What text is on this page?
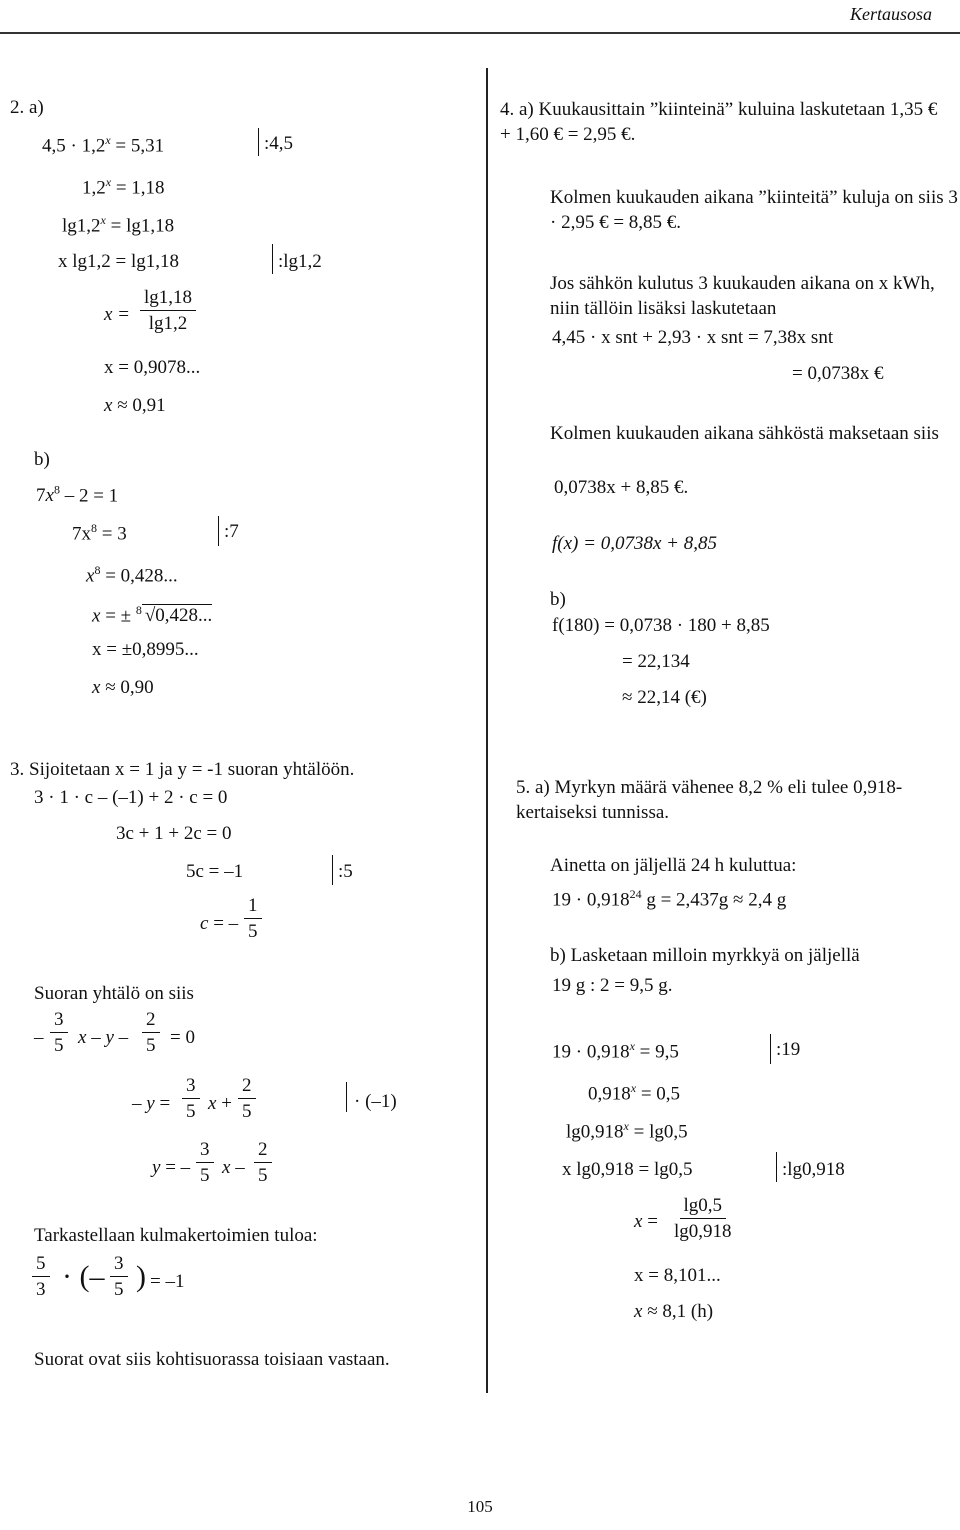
Kertausosa
2. a)
$4,5 \cdot 1,2^x = 5,31$	:4,5
$1,2^x = 1,18$
$\lg 1,2^x = \lg 1,18$
x lg1,2 = lg1,18	:lg1,2
x =
lg1,18
lg1,2
x = 0,9078...
x ≈ 0,91
b)
$7x^8 - 2 = 1$
$7x^8 = 3$	:7
$x^8 = 0,428$...
x = ± $^8$ √0,428...
x = ±0,8995...
x ≈ 0,90
3. Sijoitetaan x = 1 ja y = -1 suoran yhtälöön.
3 · 1 · c – (–1) + 2 · c = 0
3c + 1 + 2c = 0
5c = –1	:5
c = –
1
5
Suoran yhtälö on siis
–
3
5 x – y –
2
5 = 0
– y =
3
5 x +
2
5	· (–1)
y = –
3
5 x –
2
5
Tarkastellaan kulmakertoimien tuloa:
5
3 · (– 3
5 ) = –1
Suorat ovat siis kohtisuorassa toisiaan vastaan.
4. a) Kuukausittain ”kiinteinä” kuluina laskutetaan 1,35 € + 1,60 € = 2,95 €.
Kolmen kuukauden aikana ”kiinteitä” kuluja on siis 3 · 2,95 € = 8,85 €.
Jos sähkön kulutus 3 kuukauden aikana on x kWh, niin tällöin lisäksi laskutetaan
4,45 · x snt + 2,93 · x snt = 7,38x snt
= 0,0738x €
Kolmen kuukauden aikana sähköstä maksetaan siis
0,0738x + 8,85 €.
f(x) = 0,0738x + 8,85
b)
f(180) = 0,0738 · 180 + 8,85
= 22,134
≈ 22,14 (€)
5. a) Myrkyn määrä vähenee 8,2 % eli tulee 0,918-kertaiseksi tunnissa.
Ainetta on jäljellä 24 h kuluttua:
$19 \cdot 0,918^{24}$ g = 2,437g ≈ 2,4 g
b) Lasketaan milloin myrkkyä on jäljellä
19 g : 2 = 9,5 g.
$19 \cdot 0,918^x = 9,5$	:19
$0,918^x = 0,5$
$\lg 0,918^x = \lg 0,5$
x lg0,918 = lg0,5	:lg0,918
x =
lg0,5
lg0,918
x = 8,101...
x ≈ 8,1 (h)
105
